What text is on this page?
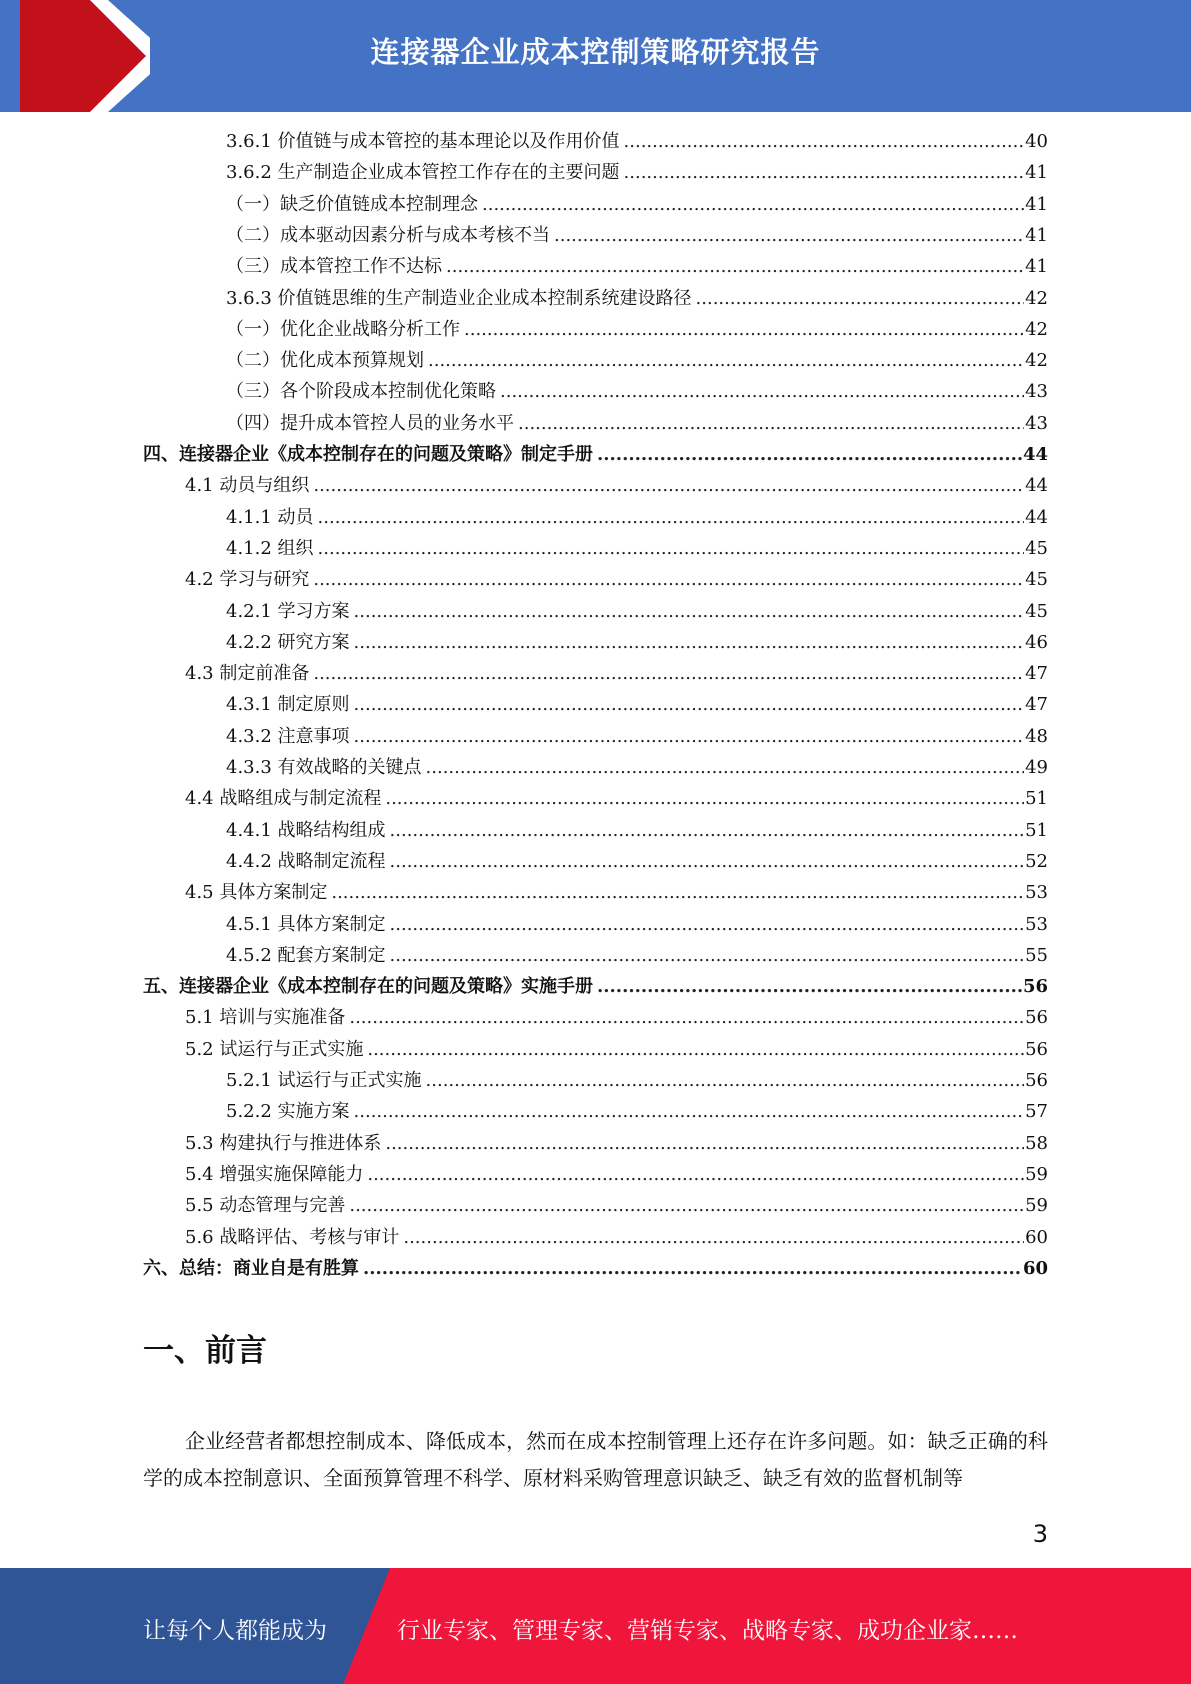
连接器企业成本控制策略研究报告
3.6.1 价值链与成本管控的基本理论以及作用价值 .....	40
3.6.2 生产制造企业成本管控工作存在的主要问题 .....	41
（一）缺乏价值链成本控制理念 .....	41
（二）成本驱动因素分析与成本考核不当 .....	41
（三）成本管控工作不达标 .....	41
3.6.3 价值链思维的生产制造业企业成本控制系统建设路径 .....	42
（一）优化企业战略分析工作 .....	42
（二）优化成本预算规划 .....	42
（三）各个阶段成本控制优化策略 .....	43
（四）提升成本管控人员的业务水平 .....	43
四、连接器企业《成本控制存在的问题及策略》制定手册 .....	44
4.1 动员与组织 .....	44
4.1.1 动员 .....	44
4.1.2 组织 .....	45
4.2 学习与研究 .....	45
4.2.1 学习方案 .....	45
4.2.2 研究方案 .....	46
4.3 制定前准备 .....	47
4.3.1 制定原则 .....	47
4.3.2 注意事项 .....	48
4.3.3 有效战略的关键点 .....	49
4.4 战略组成与制定流程 .....	51
4.4.1 战略结构组成 .....	51
4.4.2 战略制定流程 .....	52
4.5 具体方案制定 .....	53
4.5.1 具体方案制定 .....	53
4.5.2 配套方案制定 .....	55
五、连接器企业《成本控制存在的问题及策略》实施手册 .....	56
5.1 培训与实施准备 .....	56
5.2 试运行与正式实施 .....	56
5.2.1 试运行与正式实施 .....	56
5.2.2 实施方案 .....	57
5.3 构建执行与推进体系 .....	58
5.4 增强实施保障能力 .....	59
5.5 动态管理与完善 .....	59
5.6 战略评估、考核与审计 .....	60
六、总结：商业自是有胜算 .....	60
一、前言
企业经营者都想控制成本、降低成本，然而在成本控制管理上还存在许多问题。如：缺乏正确的科学的成本控制意识、全面预算管理不科学、原材料采购管理意识缺乏、缺乏有效的监督机制等
3
让每个人都能成为	行业专家、管理专家、营销专家、战略专家、成功企业家……
